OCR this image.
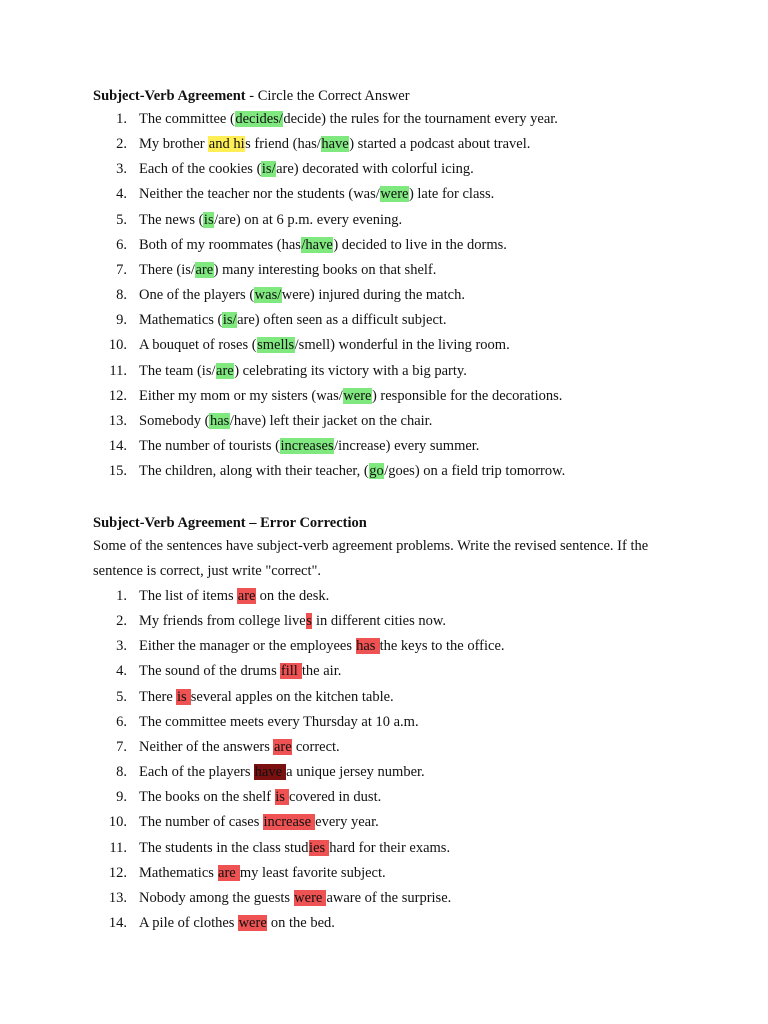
Subject-Verb Agreement - Circle the Correct Answer
1. The committee (decides/decide) the rules for the tournament every year.
2. My brother and his friend (has/have) started a podcast about travel.
3. Each of the cookies (is/are) decorated with colorful icing.
4. Neither the teacher nor the students (was/were) late for class.
5. The news (is/are) on at 6 p.m. every evening.
6. Both of my roommates (has/have) decided to live in the dorms.
7. There (is/are) many interesting books on that shelf.
8. One of the players (was/were) injured during the match.
9. Mathematics (is/are) often seen as a difficult subject.
10. A bouquet of roses (smells/smell) wonderful in the living room.
11. The team (is/are) celebrating its victory with a big party.
12. Either my mom or my sisters (was/were) responsible for the decorations.
13. Somebody (has/have) left their jacket on the chair.
14. The number of tourists (increases/increase) every summer.
15. The children, along with their teacher, (go/goes) on a field trip tomorrow.
Subject-Verb Agreement – Error Correction
Some of the sentences have subject-verb agreement problems. Write the revised sentence. If the sentence is correct, just write "correct".
1. The list of items are on the desk.
2. My friends from college lives in different cities now.
3. Either the manager or the employees has the keys to the office.
4. The sound of the drums fill the air.
5. There is several apples on the kitchen table.
6. The committee meets every Thursday at 10 a.m.
7. Neither of the answers are correct.
8. Each of the players have a unique jersey number.
9. The books on the shelf is covered in dust.
10. The number of cases increase every year.
11. The students in the class studies hard for their exams.
12. Mathematics are my least favorite subject.
13. Nobody among the guests were aware of the surprise.
14. A pile of clothes were on the bed.
